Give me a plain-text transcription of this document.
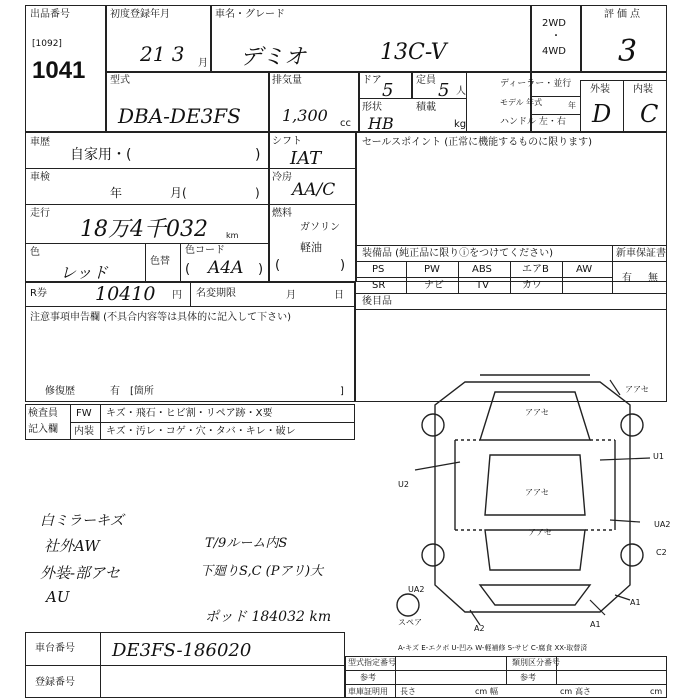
出品番号
[1092]
1041
初度登録年月
21 3 月
車名・グレード
デミオ	13C-V
2WD
・
4WD
評価点
3
型式
DBA-DE3FS
排気量
1,300 cc
ドア 5 定員 5 人
形状
HB
積載
kg
ディーラー・並行
モデル 年式	年
ハンドル 左・右
外装 内装
D C
車歴
自家用・(	)
車検
年	月(	)
走行
18万4千032 km
色
レッド
色替
色コード
( A4A )
シフト
IAT
冷房
AA/C
燃料
ガソリン
(
軽油
)
セールスポイント (正常に機能するものに限ります)
装備品 (純正品に限りⓘをつけてください)	新車保証書
PS	PW	ABS	エアB	AW
SR	ナビ	TV	カワ
有 無
後目品
R券	10410 円 名変期限	月	日
注意事項申告欄 (不具合内容等は具体的に記入して下さい)
修復歴	有 [箇所	]
検査員
記入欄
FW キズ・飛石・ヒビ割・リペア跡・X要
内装 キズ・汚レ・コゲ・穴・タバ・キレ・破レ
白ミラーキズ
社外AW
外装-部アセ
AU
T/9ルーム内S
下廻りS,C (Pアリ)大
ポッド 184032 km
アアセ
アアセ
アアセ
アアセ
U2
U1
UA2
C2
UA2
A2
A1
A1
スペア
車台番号 DE3FS-186020
登録番号
A-キズ E-エクボ U-凹み W-軽補修 S-サビ C-腐食 XX-取替済
型式指定番号	類別区分番号
参考	参考
車庫証明用 長さ	cm 幅	cm 高さ	cm
